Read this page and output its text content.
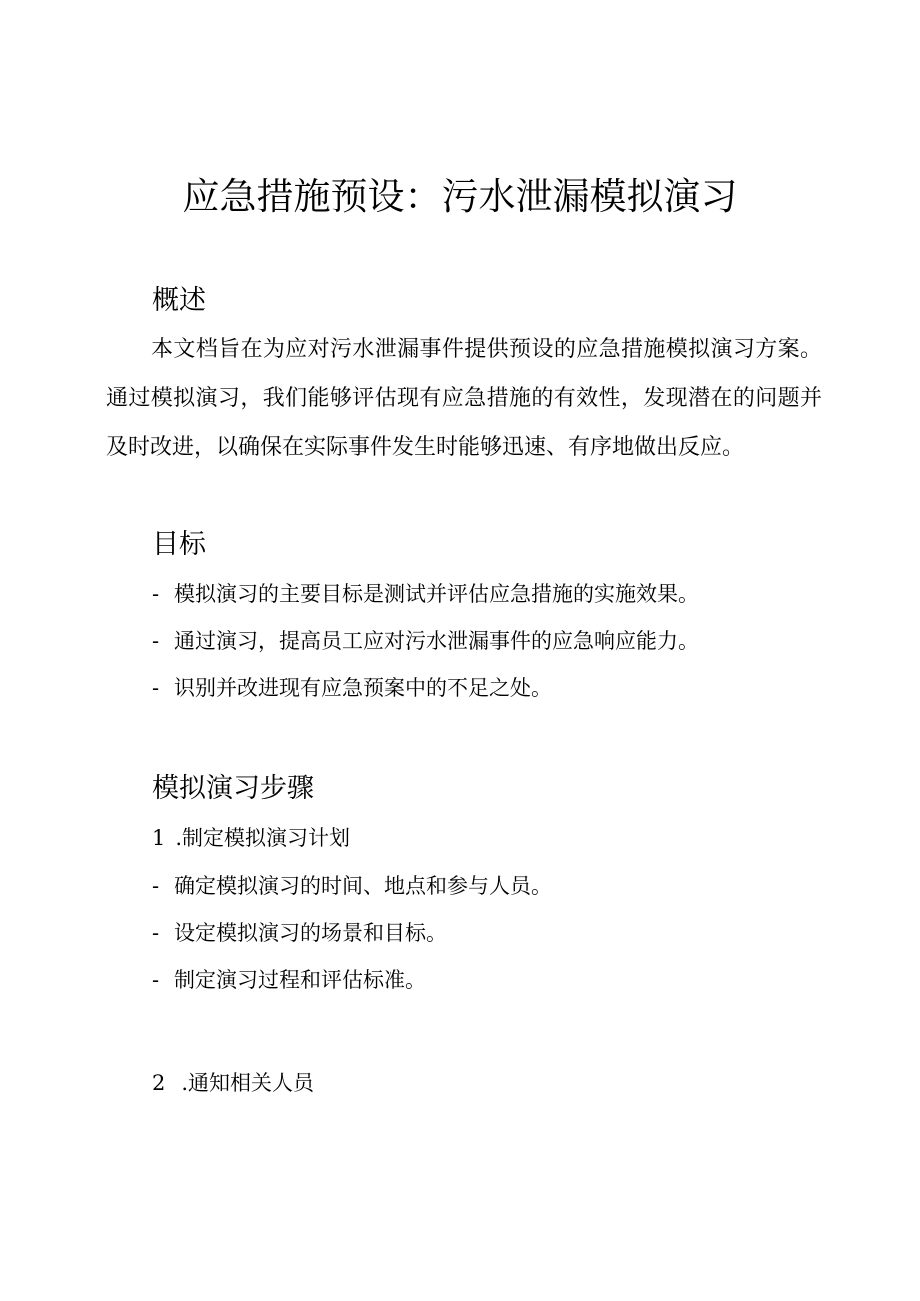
应急措施预设：污水泄漏模拟演习
概述

本文档旨在为应对污水泄漏事件提供预设的应急措施模拟演习方案。通过模拟演习，我们能够评估现有应急措施的有效性，发现潜在的问题并及时改进，以确保在实际事件发生时能够迅速、有序地做出反应。

目标
- 模拟演习的主要目标是测试并评估应急措施的实施效果。
- 通过演习，提高员工应对污水泄漏事件的应急响应能力。
- 识别并改进现有应急预案中的不足之处。
模拟演习步骤
1 .制定模拟演习计划
- 确定模拟演习的时间、地点和参与人员。
- 设定模拟演习的场景和目标。
- 制定演习过程和评估标准。
2 .通知相关人员
